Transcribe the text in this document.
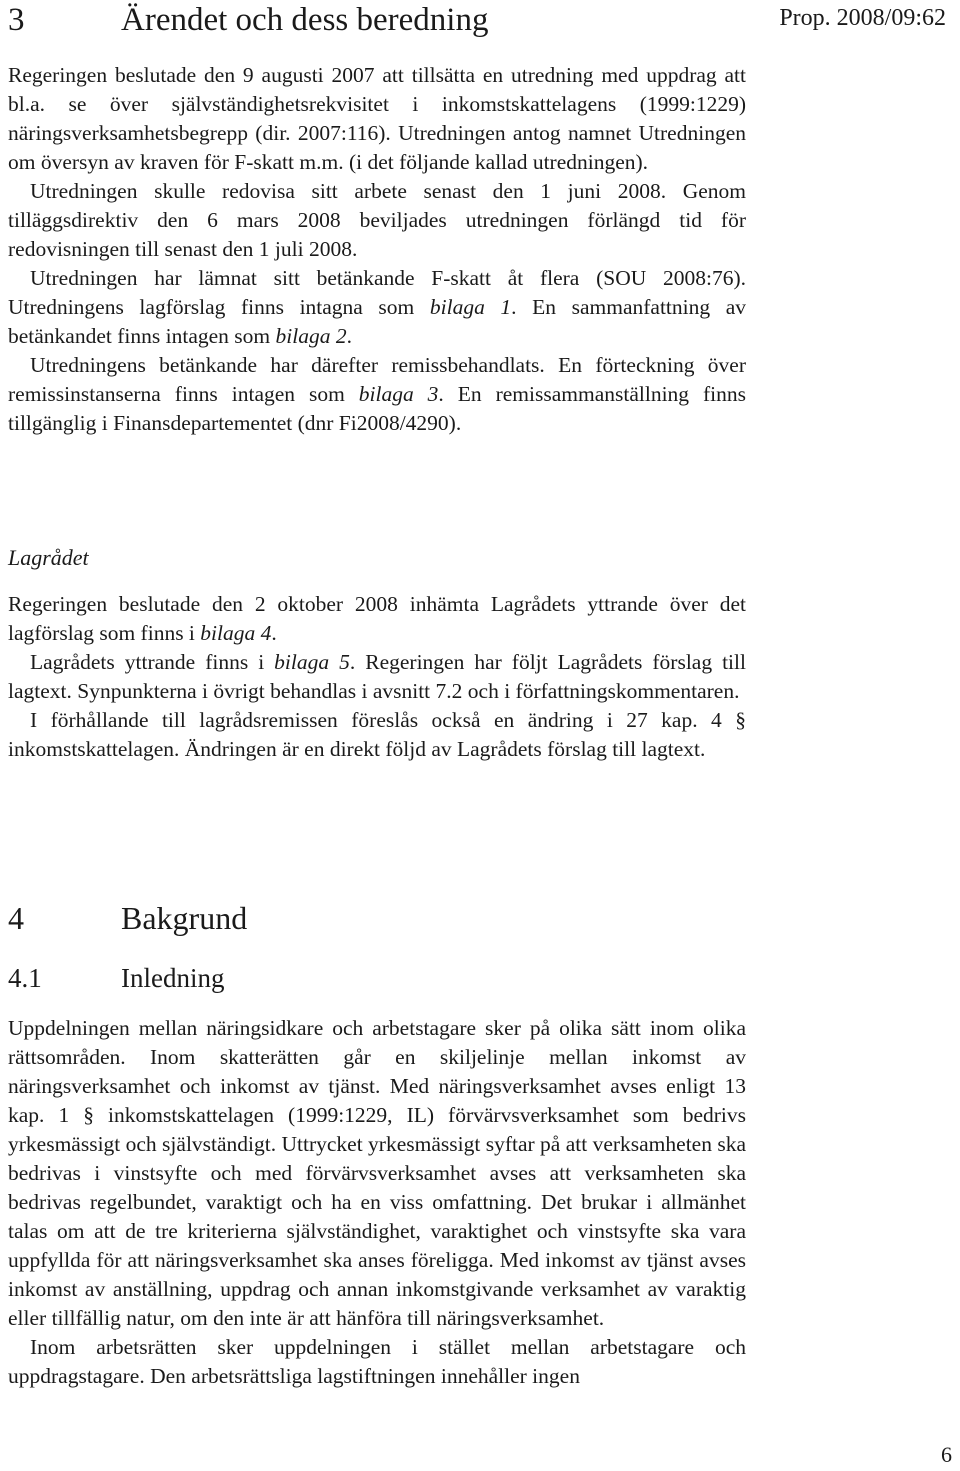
3	Ärendet och dess beredning	Prop. 2008/09:62

Regeringen beslutade den 9 augusti 2007 att tillsätta en utredning med uppdrag att bl.a. se över självständighetsrekvisitet i inkomstskattelagens (1999:1229) näringsverksamhetsbegrepp (dir. 2007:116). Utredningen antog namnet Utredningen om översyn av kraven för F-skatt m.m. (i det följande kallad utredningen).

Utredningen skulle redovisa sitt arbete senast den 1 juni 2008. Genom tilläggsdirektiv den 6 mars 2008 beviljades utredningen förlängd tid för redovisningen till senast den 1 juli 2008.

Utredningen har lämnat sitt betänkande F-skatt åt flera (SOU 2008:76). Utredningens lagförslag finns intagna som bilaga 1. En sammanfattning av betänkandet finns intagen som bilaga 2.

Utredningens betänkande har därefter remissbehandlats. En förteckning över remissinstanserna finns intagen som bilaga 3. En remissammanställning finns tillgänglig i Finansdepartementet (dnr Fi2008/4290).

Lagrådet

Regeringen beslutade den 2 oktober 2008 inhämta Lagrådets yttrande över det lagförslag som finns i bilaga 4.

Lagrådets yttrande finns i bilaga 5. Regeringen har följt Lagrådets förslag till lagtext. Synpunkterna i övrigt behandlas i avsnitt 7.2 och i författningskommentaren.

I förhållande till lagrådsremissen föreslås också en ändring i 27 kap. 4 § inkomstskattelagen. Ändringen är en direkt följd av Lagrådets förslag till lagtext.

4	Bakgrund
4.1	Inledning

Uppdelningen mellan näringsidkare och arbetstagare sker på olika sätt inom olika rättsområden. Inom skatterätten går en skiljelinje mellan inkomst av näringsverksamhet och inkomst av tjänst. Med näringsverksamhet avses enligt 13 kap. 1 § inkomstskattelagen (1999:1229, IL) förvärvsverksamhet som bedrivs yrkesmässigt och självständigt. Uttrycket yrkesmässigt syftar på att verksamheten ska bedrivas i vinstsyfte och med förvärvsverksamhet avses att verksamheten ska bedrivas regelbundet, varaktigt och ha en viss omfattning. Det brukar i allmänhet talas om att de tre kriterierna självständighet, varaktighet och vinstsyfte ska vara uppfyllda för att näringsverksamhet ska anses föreligga. Med inkomst av tjänst avses inkomst av anställning, uppdrag och annan inkomstgivande verksamhet av varaktig eller tillfällig natur, om den inte är att hänföra till näringsverksamhet.

Inom arbetsrätten sker uppdelningen i stället mellan arbetstagare och uppdragstagare. Den arbetsrättsliga lagstiftningen innehåller ingen

6
